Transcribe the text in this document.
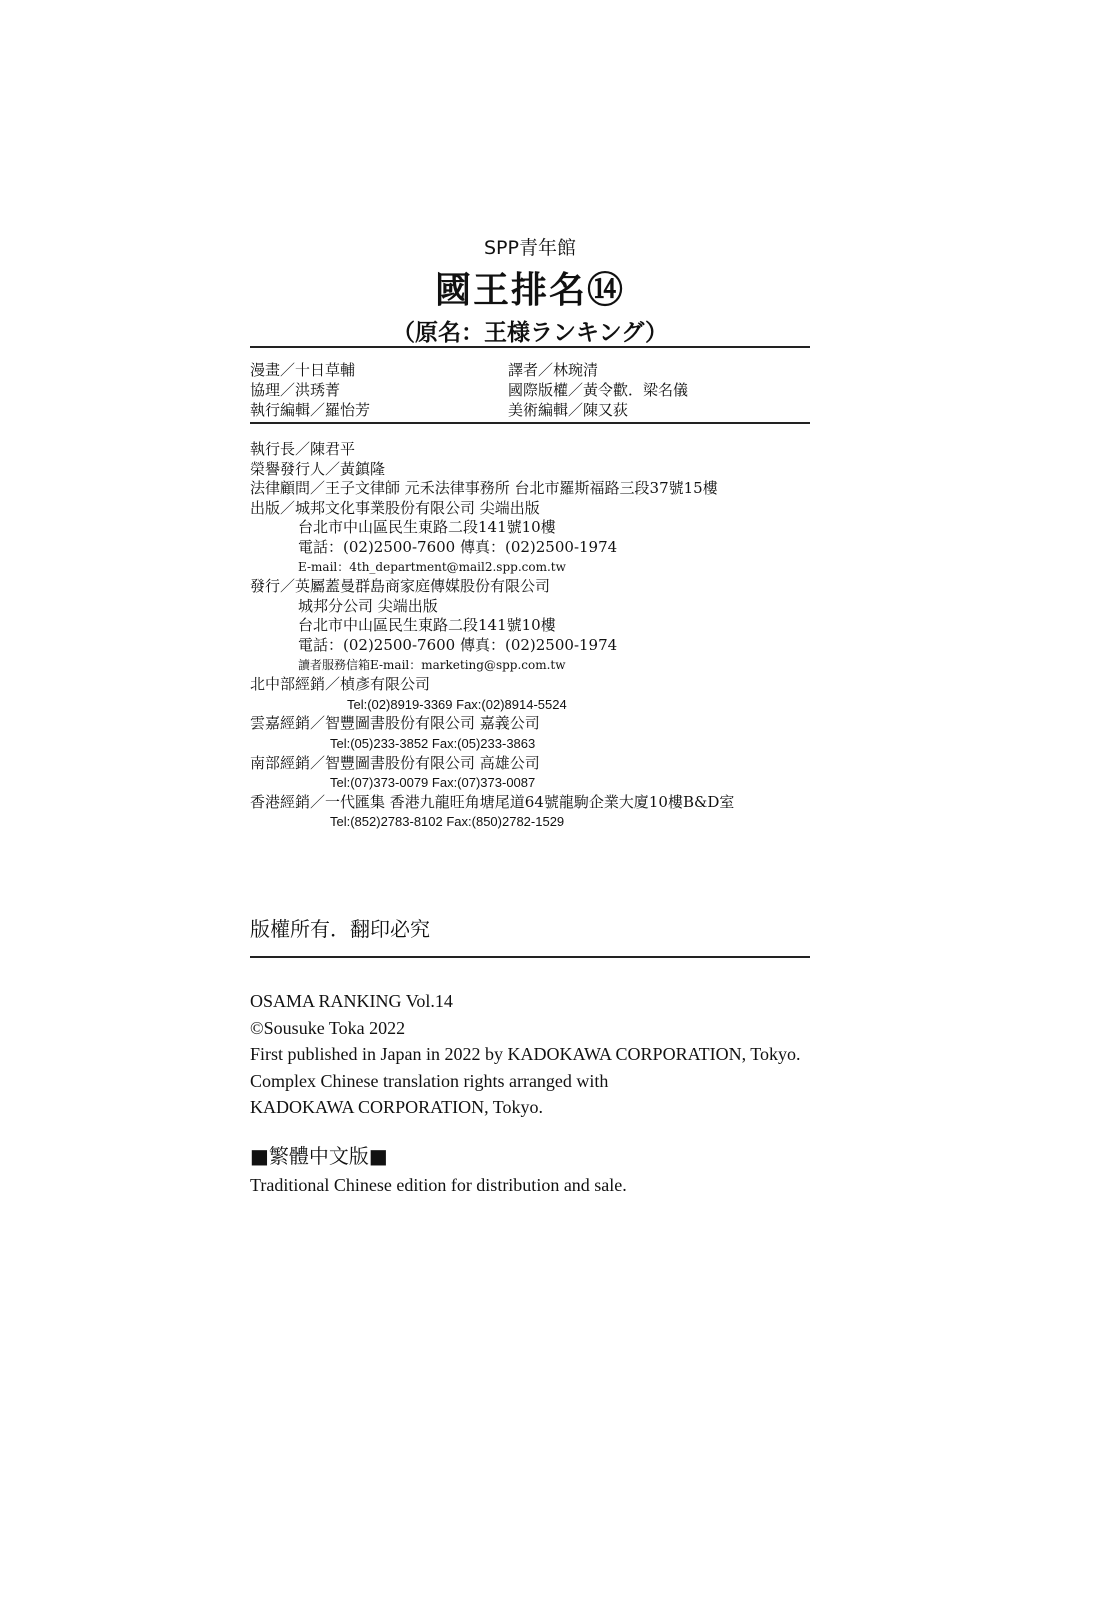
SPP青年館
國王排名⑭
（原名：王様ランキング）
漫畫／十日草輔	譯者／林琬清
協理／洪琇菁	國際版權／黃令歡．梁名儀
執行編輯／羅怡芳	美術編輯／陳又荻
執行長／陳君平
榮譽發行人／黃鎮隆
法律顧問／王子文律師 元禾法律事務所 台北市羅斯福路三段37號15樓
出版／城邦文化事業股份有限公司 尖端出版
台北市中山區民生東路二段141號10樓
電話：(02)2500-7600 傳真：(02)2500-1974
E-mail：4th_department@mail2.spp.com.tw
發行／英屬蓋曼群島商家庭傳媒股份有限公司
城邦分公司 尖端出版
台北市中山區民生東路二段141號10樓
電話：(02)2500-7600 傳真：(02)2500-1974
讀者服務信箱E-mail：marketing@spp.com.tw
北中部經銷／楨彥有限公司
Tel:(02)8919-3369 Fax:(02)8914-5524
雲嘉經銷／智豐圖書股份有限公司 嘉義公司
Tel:(05)233-3852 Fax:(05)233-3863
南部經銷／智豐圖書股份有限公司 高雄公司
Tel:(07)373-0079 Fax:(07)373-0087
香港經銷／一代匯集 香港九龍旺角塘尾道64號龍駒企業大廈10樓B&D室
Tel:(852)2783-8102 Fax:(850)2782-1529
版權所有．翻印必究
OSAMA RANKING Vol.14
©Sousuke Toka 2022
First published in Japan in 2022 by KADOKAWA CORPORATION, Tokyo.
Complex Chinese translation rights arranged with
KADOKAWA CORPORATION, Tokyo.
■繁體中文版■
Traditional Chinese edition for distribution and sale.
